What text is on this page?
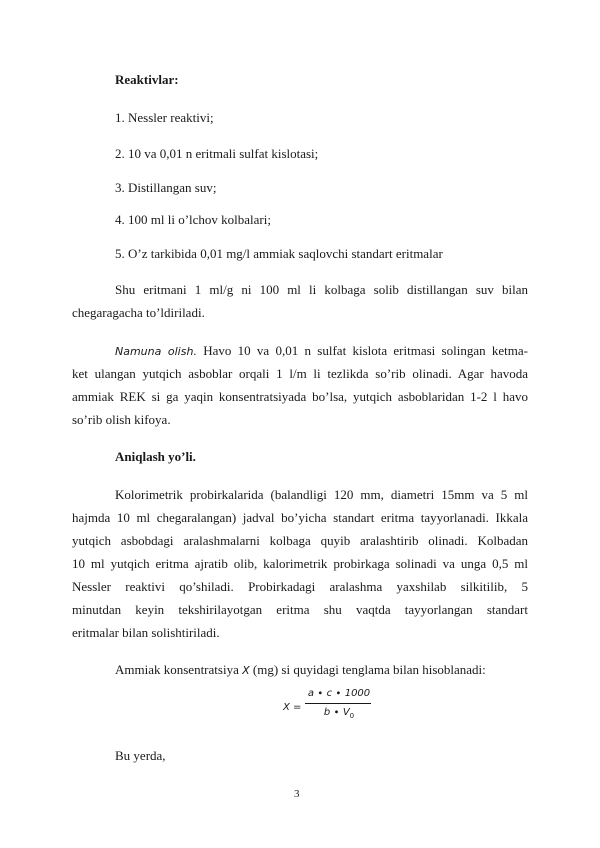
Reaktivlar:
1. Nessler reaktivi;
2. 10 va 0,01 n eritmali sulfat kislotasi;
3. Distillangan suv;
4. 100 ml li o’lchov kolbalari;
5. O’z tarkibida 0,01 mg/l ammiak saqlovchi standart eritmalar
Shu eritmani 1 ml/g ni 100 ml li kolbaga solib distillangan suv bilan
chegaragacha to’ldiriladi.
Namuna olish. Havo 10 va 0,01 n sulfat kislota eritmasi solingan ketma-
ket ulangan yutqich asboblar orqali 1 l/m li tezlikda so’rib olinadi. Agar havoda
ammiak REK si ga yaqin konsentratsiyada bo’lsa, yutqich asboblaridan 1-2 l havo
so’rib olish kifoya.
Aniqlash yo’li.
Kolorimetrik probirkalarida (balandligi 120 mm, diametri 15mm va 5 ml
hajmda 10 ml chegaralangan) jadval bo’yicha standart eritma tayyorlanadi. Ikkala
yutqich asbobdagi aralashmalarni kolbaga quyib aralashtirib olinadi. Kolbadan
10 ml yutqich eritma ajratib olib, kalorimetrik probirkaga solinadi va unga 0,5 ml
Nessler reaktivi qo’shiladi. Probirkadagi aralashma yaxshilab silkitilib, 5
minutdan keyin tekshirilayotgan eritma shu vaqtda tayyorlangan standart
eritmalar bilan solishtiriladi.
Ammiak konsentratsiya X (mg) si quyidagi tenglama bilan hisoblanadi:
X =
a ∙ c ∙ 1000
$b \cdot V_0$
Bu yerda,
3
